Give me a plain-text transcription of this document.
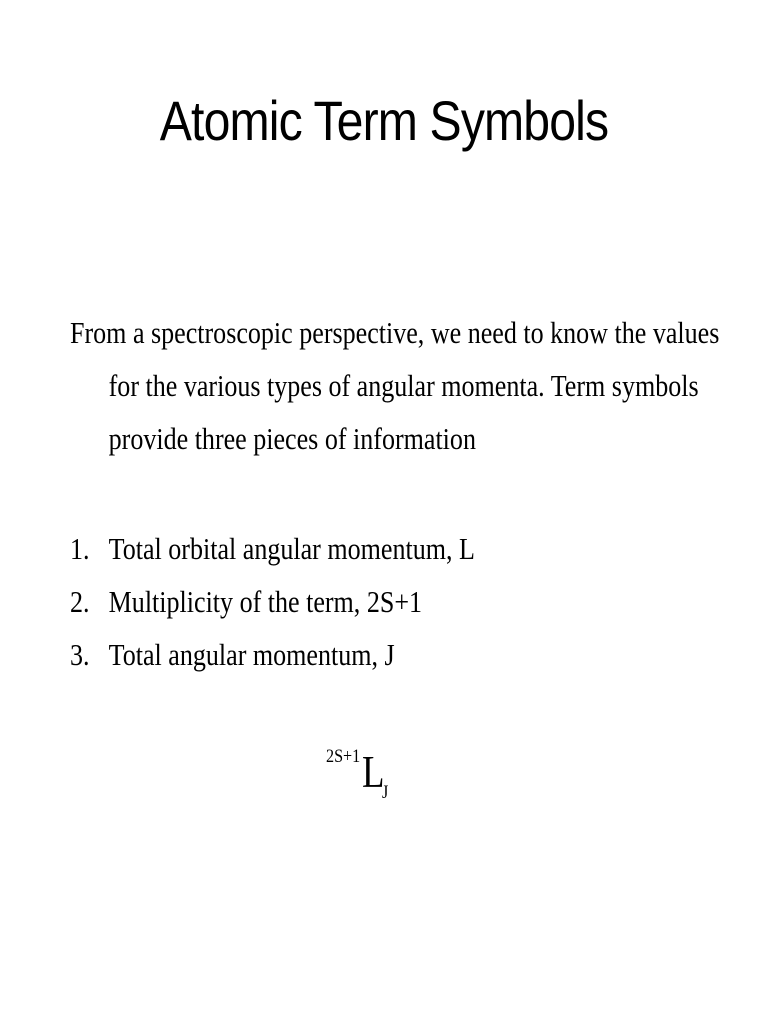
Atomic Term Symbols
From a spectroscopic perspective, we need to know the values
for the various types of angular momenta. Term symbols
provide three pieces of information
1. Total orbital angular momentum, L
2. Multiplicity of the term, 2S+1
3. Total angular momentum, J
2S+1 L
J
